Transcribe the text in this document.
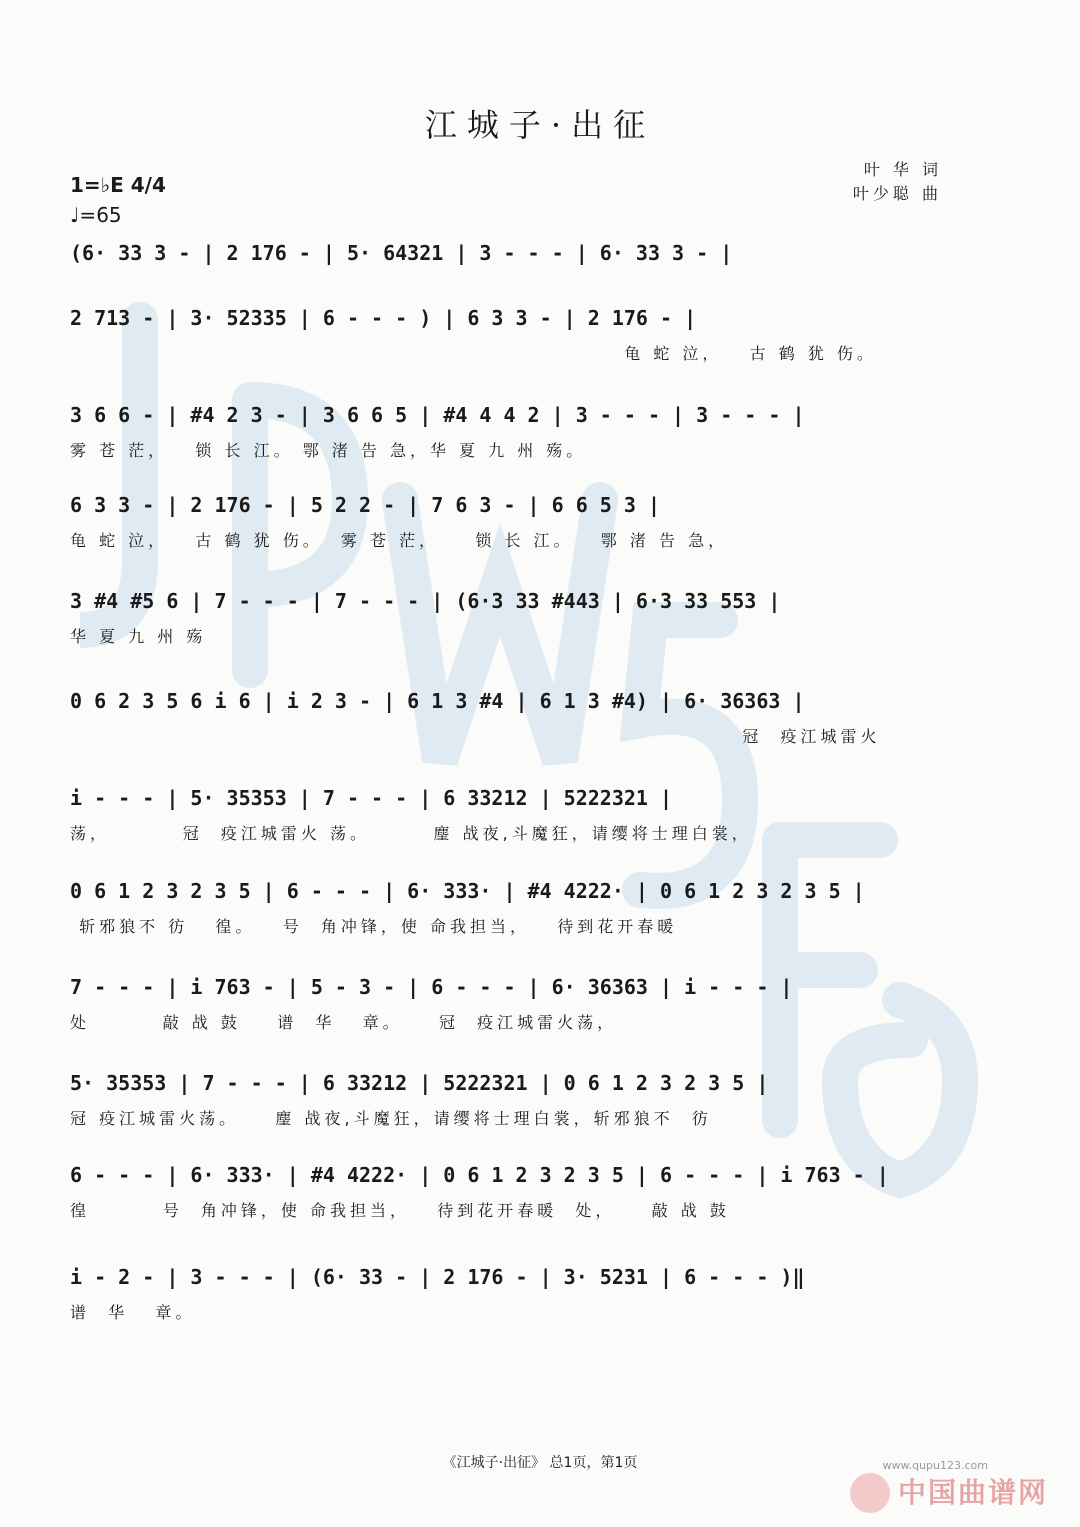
江城子·出征
1=♭E 4/4
♩=65
叶 华 词
叶少聪 曲
(6· 33 3 - | 2 176 - | 5· 64321 | 3 - - - | 6· 33 3 - |
2 713 - | 3· 52335 | 6 - - - ) | 6 3 3 - | 2 176 - |
龟 蛇 泣，   古 鹤 犹 伤。
3 6 6 - | #4 2 3 - | 3 6 6 5 | #4 4 4 2 | 3 - - - | 3 - - - |
雾 苍 茫，   锁 长 江。 鄂 渚 告 急，华 夏 九 州 殇。
6 3 3 - | 2 176 - | 5 2 2 - | 7 6 3 - | 6 6 5 3 |
龟 蛇 泣，   古 鹤 犹 伤。  雾 苍 茫，    锁 长 江。   鄂 渚 告 急，
3 #4 #5 6 | 7 - - - | 7 - - - | (6·3 33 #443 | 6·3 33 553 |
华 夏 九 州 殇
0 6 2 3 5 6 i 6 | i 2 3 - | 6 1 3 #4 | 6 1 3 #4) | 6· 36363 |
冠  疫江城雷火
i - - - | 5· 35353 | 7 - - - | 6 33212 | 5222321 |
荡，        冠  疫江城雷火 荡。       麈 战夜,斗魔狂，请缨将士理白裳，
0 6 1 2 3 2 3 5 | 6 - - - | 6· 333· | #4 4222· | 0 6 1 2 3 2 3 5 |
斩邪狼不 彷   徨。   号  角冲锋，使 命我担当，   待到花开春暖
7 - - - | i 763 - | 5 - 3 - | 6 - - - | 6· 36363 | i - - - |
处        敲 战 鼓    谱  华   章。    冠  疫江城雷火荡，
5· 35353 | 7 - - - | 6 33212 | 5222321 | 0 6 1 2 3 2 3 5 |
冠 疫江城雷火荡。    麈 战夜,斗魔狂，请缨将士理白裳，斩邪狼不  彷
6 - - - | 6· 333· | #4 4222· | 0 6 1 2 3 2 3 5 | 6 - - - | i 763 - |
徨        号  角冲锋，使 命我担当，   待到花开春暖  处，    敲 战 鼓
i - 2 - | 3 - - - | (6· 33 - | 2 176 - | 3· 5231 | 6 - - - )‖
谱  华   章。
《江城子·出征》 总1页，第1页
中国曲谱网
www.qupu123.com
